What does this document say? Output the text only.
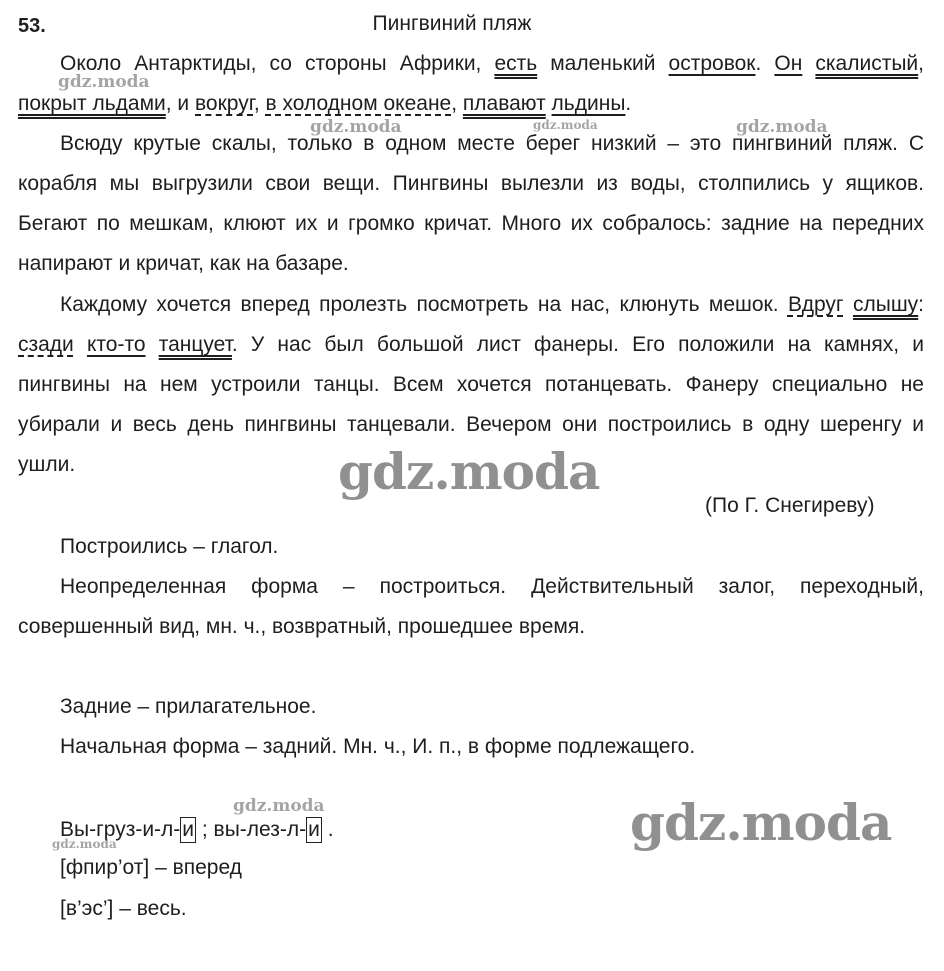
53.	Пингвиний пляж
Около Антарктиды, со стороны Африки, есть маленький островок. Он скалистый, покрыт льдами, и вокруг, в холодном океане, плавают льдины.
Всюду крутые скалы, только в одном месте берег низкий – это пингвиний пляж. С корабля мы выгрузили свои вещи. Пингвины вылезли из воды, столпились у ящиков. Бегают по мешкам, клюют их и громко кричат. Много их собралось: задние на передних напирают и кричат, как на базаре.
Каждому хочется вперед пролезть посмотреть на нас, клюнуть мешок. Вдруг слышу: сзади кто-то танцует. У нас был большой лист фанеры. Его положили на камнях, и пингвины на нем устроили танцы. Всем хочется потанцевать. Фанеру специально не убирали и весь день пингвины танцевали. Вечером они построились в одну шеренгу и ушли.
(По Г. Снегиреву)
Построились – глагол.
Неопределенная форма – построиться. Действительный залог, переходный, совершенный вид, мн. ч., возвратный, прошедшее время.
Задние – прилагательное.
Начальная форма – задний. Мн. ч., И. п., в форме подлежащего.
Вы-груз-и-л-и ; вы-лез-л-и .
[фпир’от] – вперед
[в’эс’] – весь.
gdz.moda
gdz.moda	gdz.moda	gdz.moda
gdz.moda
gdz.moda
gdz.moda	gdz.moda
